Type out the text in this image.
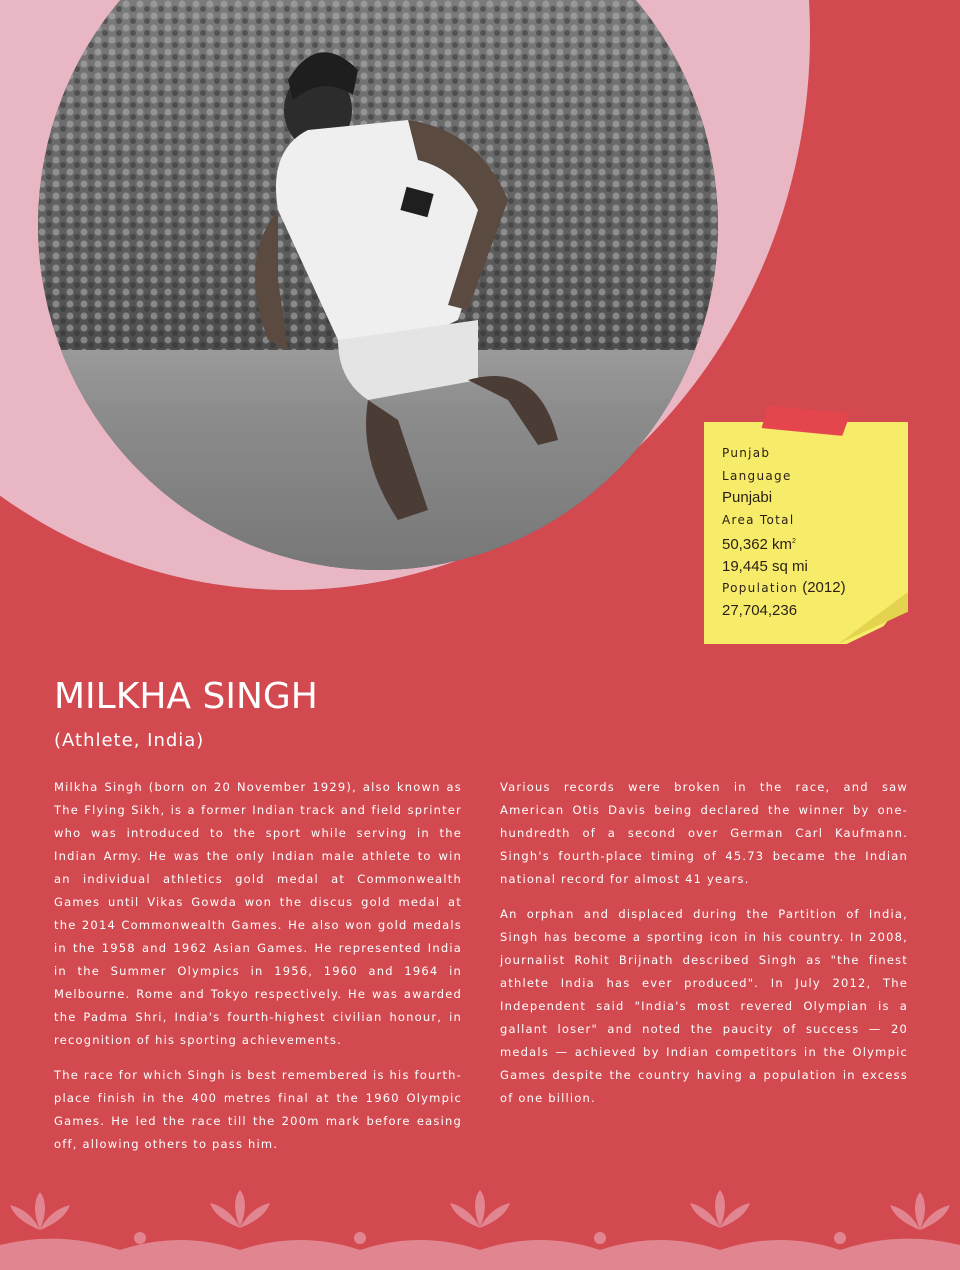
Punjab
Language
Punjabi
Area Total
50,362 $km^2$
19,445 sq mi
Population (2012)
27,704,236
MILKHA SINGH
(Athlete, India)

Milkha Singh (born on 20 November 1929), also known as The Flying Sikh, is a former Indian track and field sprinter who was introduced to the sport while serving in the Indian Army. He was the only Indian male athlete to win an individual athletics gold medal at Commonwealth Games until Vikas Gowda won the discus gold medal at the 2014 Commonwealth Games. He also won gold medals in the 1958 and 1962 Asian Games. He represented India in the Summer Olympics in 1956, 1960 and 1964 in Melbourne. Rome and Tokyo respectively. He was awarded the Padma Shri, India's fourth-highest civilian honour, in recognition of his sporting achievements.

The race for which Singh is best remembered is his fourth-place finish in the 400 metres final at the 1960 Olympic Games. He led the race till the 200m mark before easing off, allowing others to pass him.

Various records were broken in the race, and saw American Otis Davis being declared the winner by one-hundredth of a second over German Carl Kaufmann. Singh's fourth-place timing of 45.73 became the Indian national record for almost 41 years.

An orphan and displaced during the Partition of India, Singh has become a sporting icon in his country. In 2008, journalist Rohit Brijnath described Singh as "the finest athlete India has ever produced". In July 2012, The Independent said "India's most revered Olympian is a gallant loser" and noted the paucity of success — 20 medals — achieved by Indian competitors in the Olympic Games despite the country having a population in excess of one billion.
